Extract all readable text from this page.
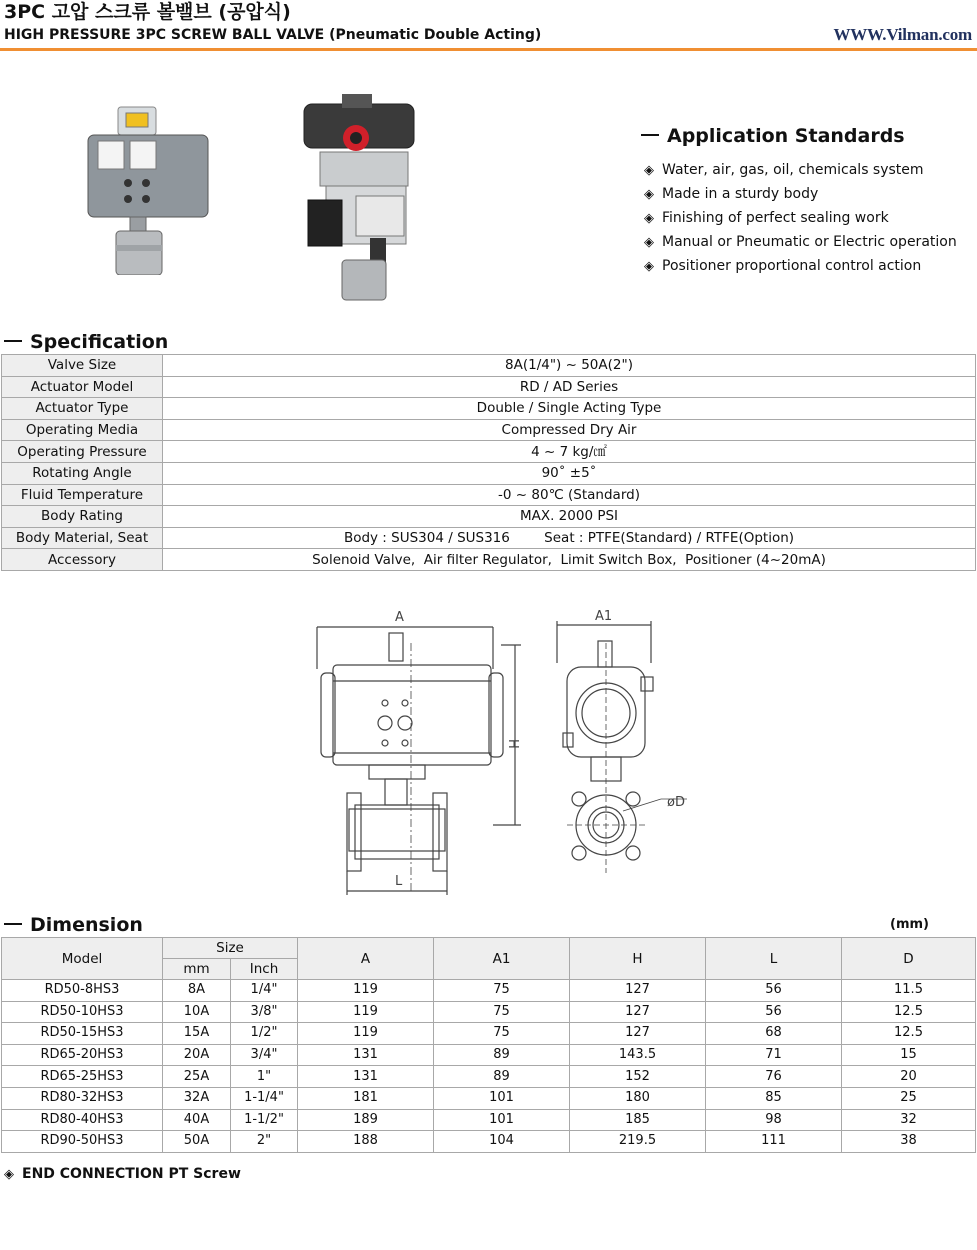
3PC 고압 스크류 볼밸브 (공압식)
HIGH PRESSURE 3PC SCREW BALL VALVE (Pneumatic Double Acting)	WWW.Vilman.com
Application Standards
◈ Water, air, gas, oil, chemicals system
◈ Made in a sturdy body
◈ Finishing of perfect sealing work
◈ Manual or Pneumatic or Electric operation
◈ Positioner proportional control action
Specification
Valve Size	8A(1/4") ~ 50A(2")
Actuator Model	RD / AD Series
Actuator Type	Double / Single Acting Type
Operating Media	Compressed Dry Air
Operating Pressure	4 ~ 7 kg/㎠
Rotating Angle	90˚ ±5˚
Fluid Temperature	-0 ~ 80℃ (Standard)
Body Rating	MAX. 2000 PSI
Body Material, Seat	Body : SUS304 / SUS316        Seat : PTFE(Standard) / RTFE(Option)
Accessory	Solenoid Valve,  Air filter Regulator,  Limit Switch Box,  Positioner (4~20mA)
A
H
L
A1
øD
Dimension	(mm)
Model	Size		A	A1	H	L	D
	mm	Inch					
RD50-8HS3	8A	1/4"	119	75	127	56	11.5
RD50-10HS3	10A	3/8"	119	75	127	56	12.5
RD50-15HS3	15A	1/2"	119	75	127	68	12.5
RD65-20HS3	20A	3/4"	131	89	143.5	71	15
RD65-25HS3	25A	1"	131	89	152	76	20
RD80-32HS3	32A	1-1/4"	181	101	180	85	25
RD80-40HS3	40A	1-1/2"	189	101	185	98	32
RD90-50HS3	50A	2"	188	104	219.5	111	38
◈ END CONNECTION PT Screw
